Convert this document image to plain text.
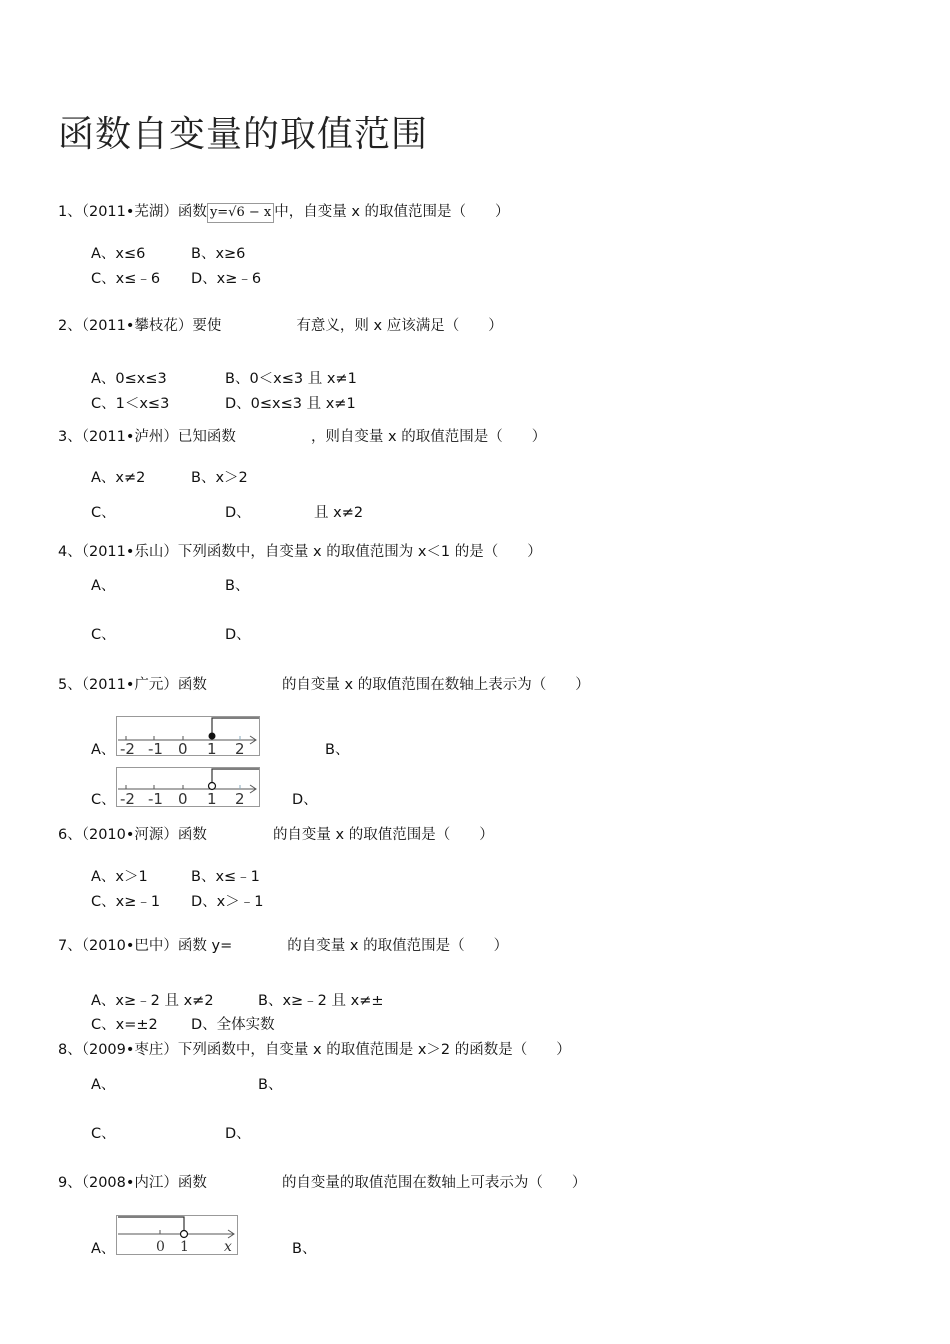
函数自变量的取值范围
1、（2011•芜湖）函数 y=√6 − x 中，自变量 x 的取值范围是（　　）
A、x≤6	B、x≥6
C、x≤﹣6 D、x≥﹣6
2、（2011•攀枝花）要使	有意义，则 x 应该满足（　　）
A、0≤x≤3	B、0＜x≤3 且 x≠1
C、1＜x≤3	D、0≤x≤3 且 x≠1
3、（2011•泸州）已知函数	，则自变量 x 的取值范围是（　　）
A、x≠2	B、x＞2
C、	D、	且 x≠2
4、（2011•乐山）下列函数中，自变量 x 的取值范围为 x＜1 的是（　　）
A、	B、
C、	D、
5、（2011•广元）函数	的自变量 x 的取值范围在数轴上表示为（　　）
A、 -2 -1 0 1 2	B、
C、 -2 -1 0 1 2	D、
6、（2010•河源）函数	的自变量 x 的取值范围是（　　）
A、x＞1	B、x≤﹣1
C、x≥﹣1 D、x＞﹣1
7、（2010•巴中）函数 y=	的自变量 x 的取值范围是（　　）
A、x≥﹣2 且 x≠2	B、x≥﹣2 且 x≠±
C、x=±2 D、全体实数
8、（2009•枣庄）下列函数中，自变量 x 的取值范围是 x＞2 的函数是（　　）
A、	B、
C、	D、
9、（2008•内江）函数	的自变量的取值范围在数轴上可表示为（　　）
A、	0 1	x	B、
